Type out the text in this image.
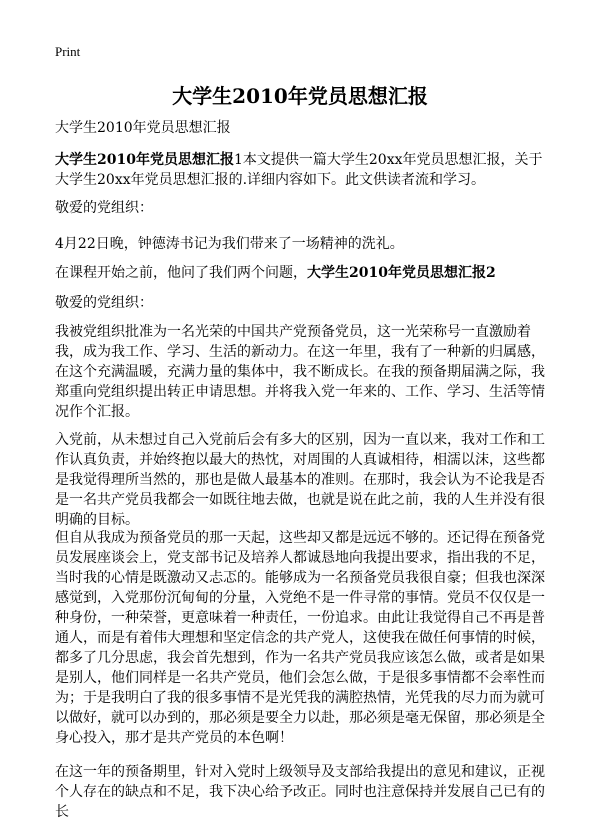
Print
大学生2010年党员思想汇报

大学生2010年党员思想汇报

大学生2010年党员思想汇报1本文提供一篇大学生20xx年党员思想汇报，关于大学生20xx年党员思想汇报的.详细内容如下。此文供读者流和学习。

敬爱的党组织：

4月22日晚，钟德涛书记为我们带来了一场精神的洗礼。

在课程开始之前，他问了我们两个问题，大学生2010年党员思想汇报2

敬爱的党组织：

我被党组织批准为一名光荣的中国共产党预备党员，这一光荣称号一直激励着我，成为我工作、学习、生活的新动力。在这一年里，我有了一种新的归属感，在这个充满温暖，充满力量的集体中，我不断成长。在我的预备期届满之际，我郑重向党组织提出转正申请思想。并将我入党一年来的、工作、学习、生活等情况作个汇报。

入党前，从未想过自己入党前后会有多大的区别，因为一直以来，我对工作和工作认真负责，并始终抱以最大的热忱，对周围的人真诚相待，相濡以沫，这些都是我觉得理所当然的，那也是做人最基本的准则。在那时，我会认为不论我是否是一名共产党员我都会一如既往地去做，也就是说在此之前，我的人生并没有很明确的目标。

但自从我成为预备党员的那一天起，这些却又都是远远不够的。还记得在预备党员发展座谈会上，党支部书记及培养人都诚恳地向我提出要求，指出我的不足，当时我的心情是既激动又忐忑的。能够成为一名预备党员我很自豪；但我也深深感觉到，入党那份沉甸甸的分量，入党绝不是一件寻常的事情。党员不仅仅是一种身份，一种荣誉，更意味着一种责任，一份追求。由此让我觉得自己不再是普通人，而是有着伟大理想和坚定信念的共产党人，这使我在做任何事情的时候，都多了几分思虑，我会首先想到，作为一名共产党员我应该怎么做，或者是如果是别人，他们同样是一名共产党员，他们会怎么做，于是很多事情都不会率性而为；于是我明白了我的很多事情不是光凭我的满腔热情，光凭我的尽力而为就可以做好，就可以办到的，那必须是要全力以赴，那必须是毫无保留，那必须是全身心投入，那才是共产党员的本色啊！

在这一年的预备期里，针对入党时上级领导及支部给我提出的意见和建议，正视个人存在的缺点和不足，我下决心给予改正。同时也注意保持并发展自己已有的长
